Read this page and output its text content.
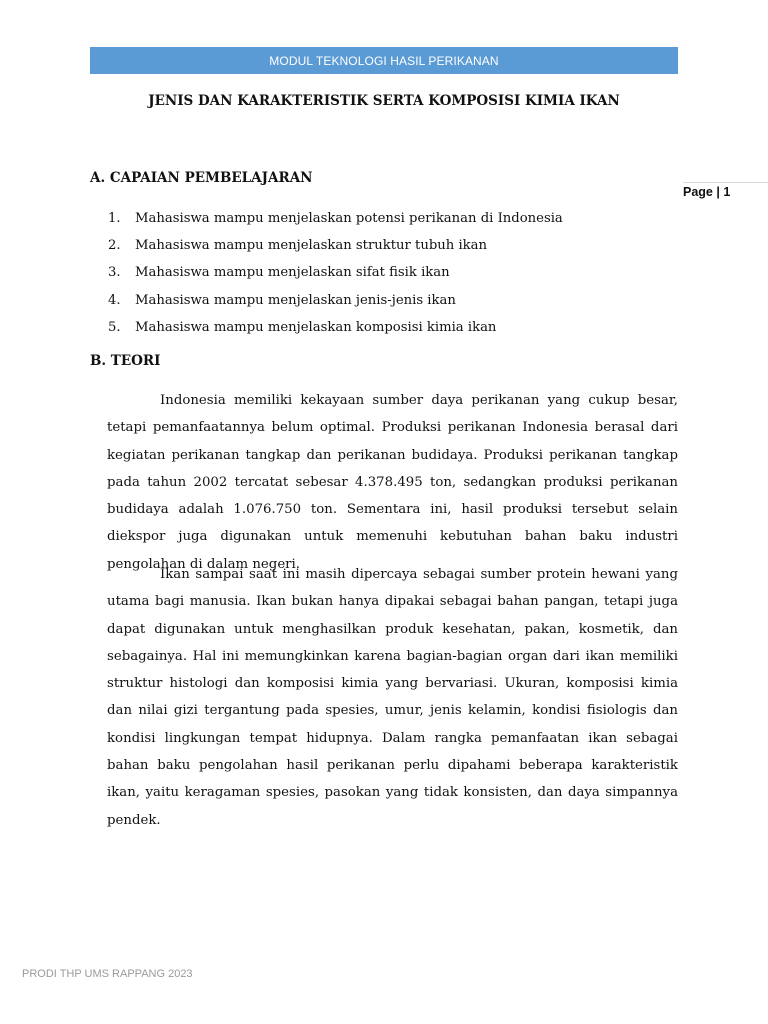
MODUL TEKNOLOGI HASIL PERIKANAN
JENIS DAN KARAKTERISTIK SERTA KOMPOSISI KIMIA IKAN
Page | 1
A. CAPAIAN PEMBELAJARAN
1.	Mahasiswa mampu menjelaskan potensi perikanan di Indonesia
2.	Mahasiswa mampu menjelaskan struktur tubuh ikan
3.	Mahasiswa mampu menjelaskan sifat fisik ikan
4.	Mahasiswa mampu menjelaskan jenis-jenis ikan
5.	Mahasiswa mampu menjelaskan komposisi kimia ikan
B. TEORI

Indonesia memiliki kekayaan sumber daya perikanan yang cukup besar, tetapi pemanfaatannya belum optimal. Produksi perikanan Indonesia berasal dari kegiatan perikanan tangkap dan perikanan budidaya. Produksi perikanan tangkap pada tahun 2002 tercatat sebesar 4.378.495 ton, sedangkan produksi perikanan budidaya adalah 1.076.750 ton. Sementara ini, hasil produksi tersebut selain diekspor juga digunakan untuk memenuhi kebutuhan bahan baku industri pengolahan di dalam negeri.

Ikan sampai saat ini masih dipercaya sebagai sumber protein hewani yang utama bagi manusia. Ikan bukan hanya dipakai sebagai bahan pangan, tetapi juga dapat digunakan untuk menghasilkan produk kesehatan, pakan, kosmetik, dan sebagainya. Hal ini memungkinkan karena bagian-bagian organ dari ikan memiliki struktur histologi dan komposisi kimia yang bervariasi. Ukuran, komposisi kimia dan nilai gizi tergantung pada spesies, umur, jenis kelamin, kondisi fisiologis dan kondisi lingkungan tempat hidupnya. Dalam rangka pemanfaatan ikan sebagai bahan baku pengolahan hasil perikanan perlu dipahami beberapa karakteristik ikan, yaitu keragaman spesies, pasokan yang tidak konsisten, dan daya simpannya pendek.

PRODI THP UMS RAPPANG 2023
